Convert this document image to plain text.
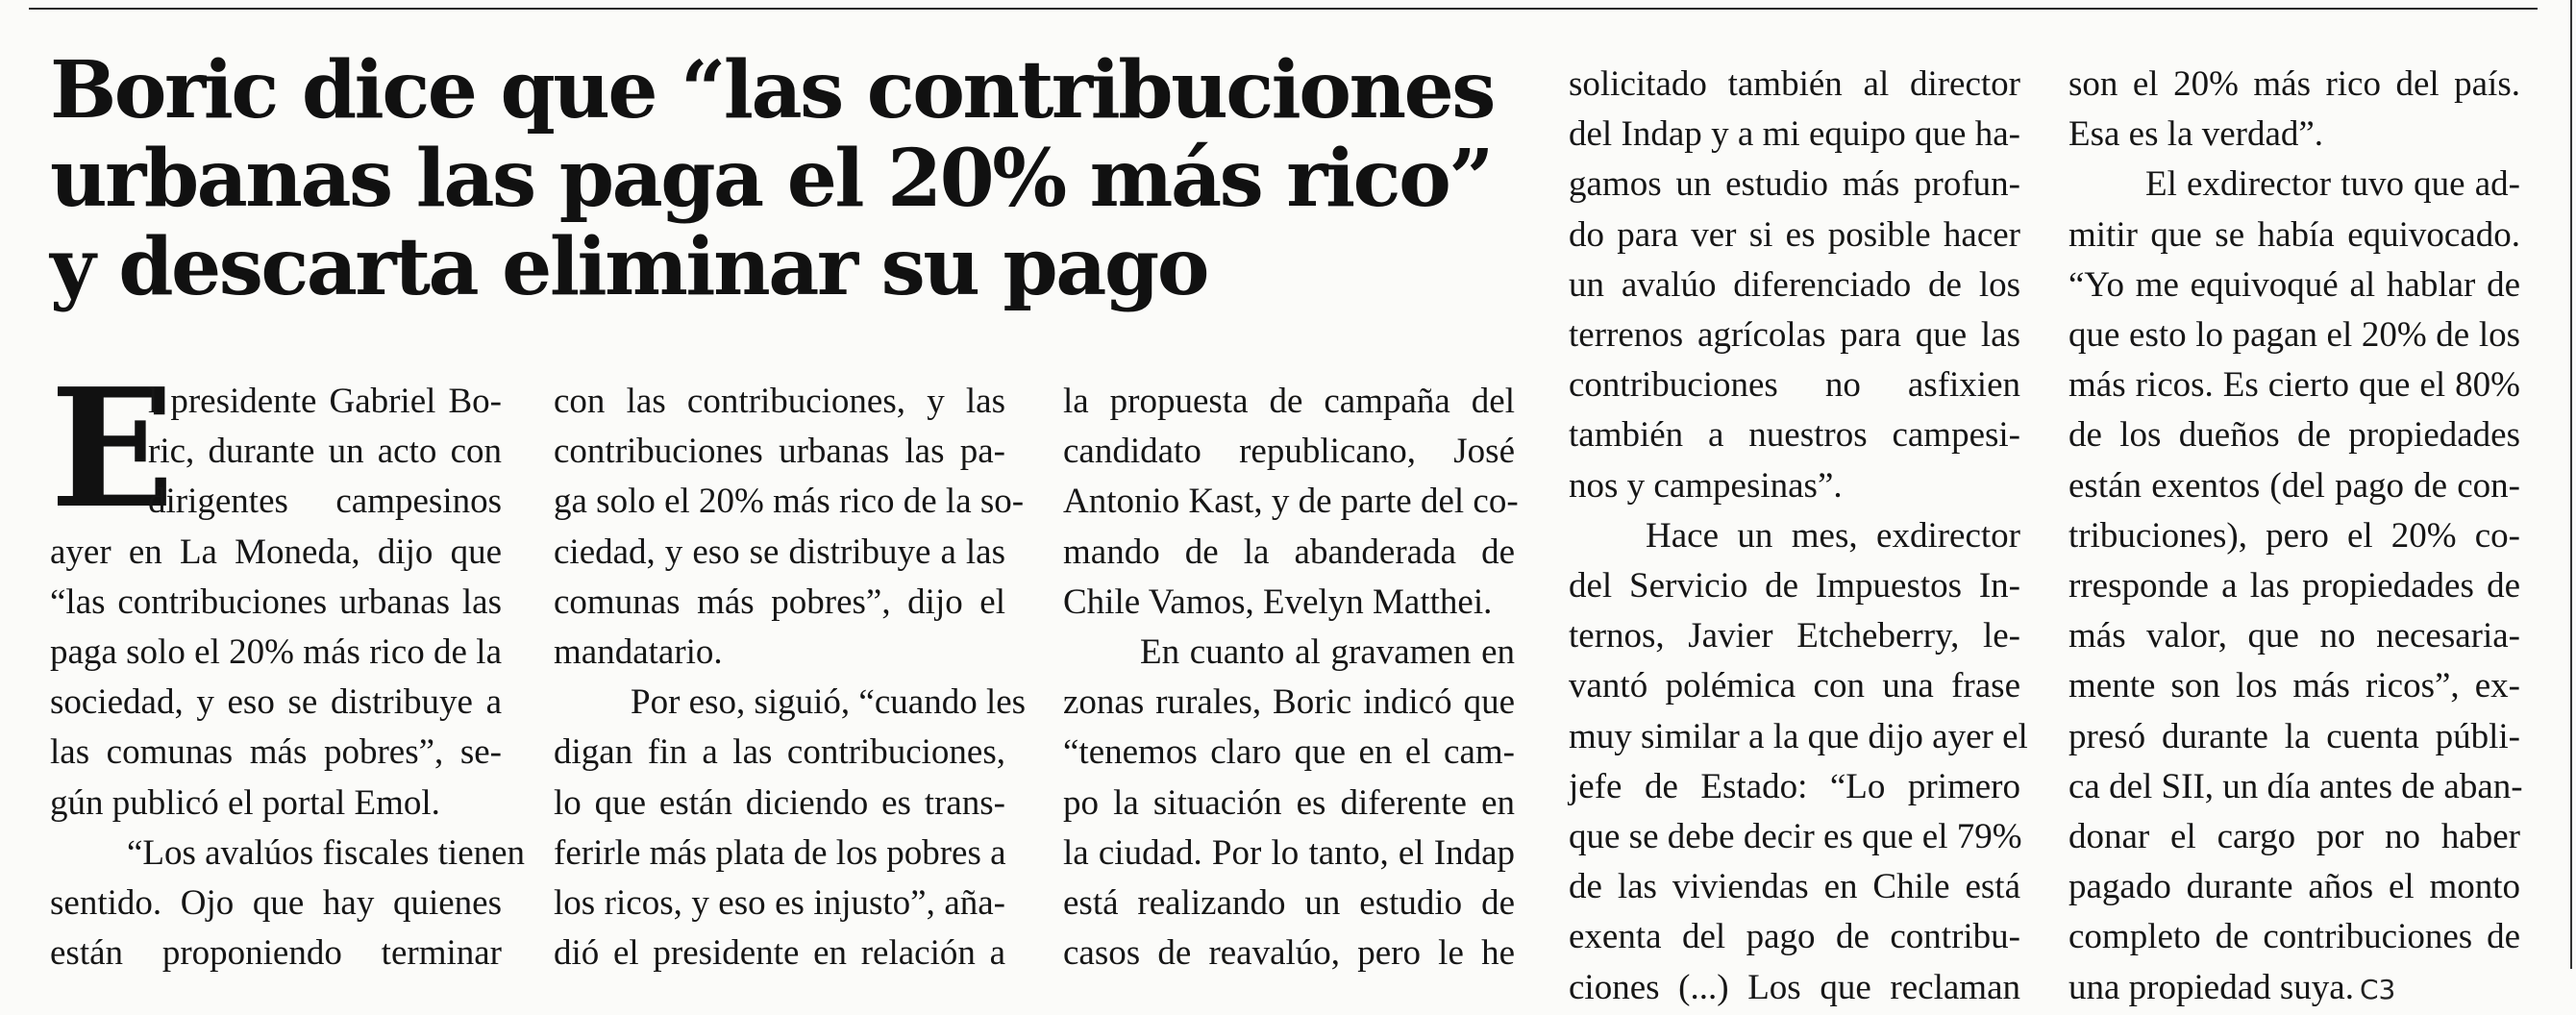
Boric dice que “las contribuciones
urbanas las paga el 20% más rico”
y descarta eliminar su pago
E
l presidente Gabriel Bo-
ric, durante un acto con
dirigentes campesinos
ayer en La Moneda, dijo que
“las contribuciones urbanas las
paga solo el 20% más rico de la
sociedad, y eso se distribuye a
las comunas más pobres”, se-
gún publicó el portal Emol.
“Los avalúos fiscales tienen
sentido. Ojo que hay quienes
están proponiendo terminar
con las contribuciones, y las
contribuciones urbanas las pa-
ga solo el 20% más rico de la so-
ciedad, y eso se distribuye a las
comunas más pobres”, dijo el
mandatario.
Por eso, siguió, “cuando les
digan fin a las contribuciones,
lo que están diciendo es trans-
ferirle más plata de los pobres a
los ricos, y eso es injusto”, aña-
dió el presidente en relación a
la propuesta de campaña del
candidato republicano, José
Antonio Kast, y de parte del co-
mando de la abanderada de
Chile Vamos, Evelyn Matthei.
En cuanto al gravamen en
zonas rurales, Boric indicó que
“tenemos claro que en el cam-
po la situación es diferente en
la ciudad. Por lo tanto, el Indap
está realizando un estudio de
casos de reavalúo, pero le he
solicitado también al director
del Indap y a mi equipo que ha-
gamos un estudio más profun-
do para ver si es posible hacer
un avalúo diferenciado de los
terrenos agrícolas para que las
contribuciones no asfixien
también a nuestros campesi-
nos y campesinas”.
Hace un mes, exdirector
del Servicio de Impuestos In-
ternos, Javier Etcheberry, le-
vantó polémica con una frase
muy similar a la que dijo ayer el
jefe de Estado: “Lo primero
que se debe decir es que el 79%
de las viviendas en Chile está
exenta del pago de contribu-
ciones (...) Los que reclaman
son el 20% más rico del país.
Esa es la verdad”.
El exdirector tuvo que ad-
mitir que se había equivocado.
“Yo me equivoqué al hablar de
que esto lo pagan el 20% de los
más ricos. Es cierto que el 80%
de los dueños de propiedades
están exentos (del pago de con-
tribuciones), pero el 20% co-
rresponde a las propiedades de
más valor, que no necesaria-
mente son los más ricos”, ex-
presó durante la cuenta públi-
ca del SII, un día antes de aban-
donar el cargo por no haber
pagado durante años el monto
completo de contribuciones de
una propiedad suya. C3
